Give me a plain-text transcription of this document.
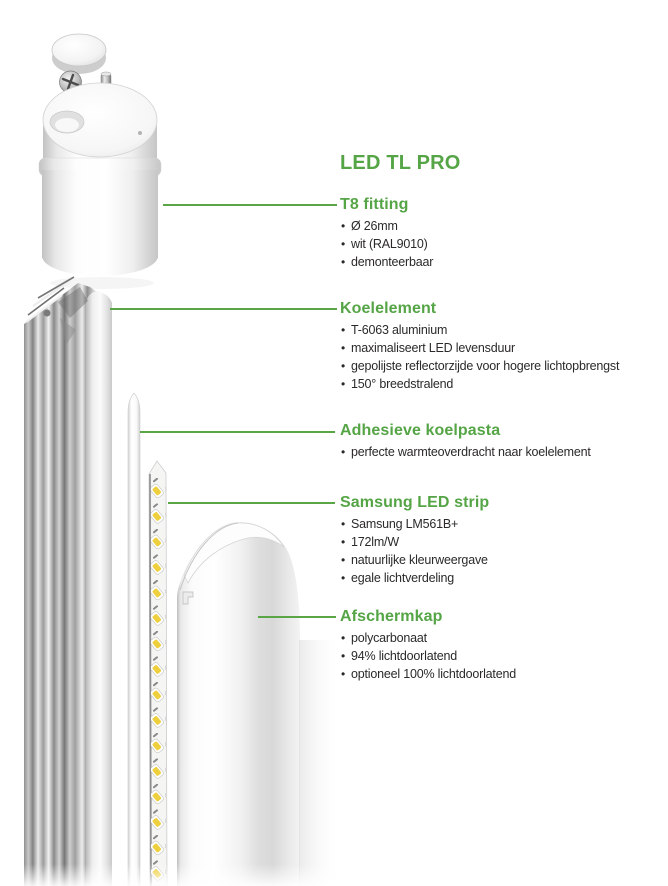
LED TL PRO
T8 fitting
• Ø 26mm
• wit (RAL9010)
• demonteerbaar
Koelelement
• T-6063 aluminium
• maximaliseert LED levensduur
• gepolijste reflectorzijde voor hogere lichtopbrengst
• 150° breedstralend
Adhesieve koelpasta
• perfecte warmteoverdracht naar koelelement
Samsung LED strip
• Samsung LM561B+
• 172lm/W
• natuurlijke kleurweergave
• egale lichtverdeling
Afschermkap
• polycarbonaat
• 94% lichtdoorlatend
• optioneel 100% lichtdoorlatend
